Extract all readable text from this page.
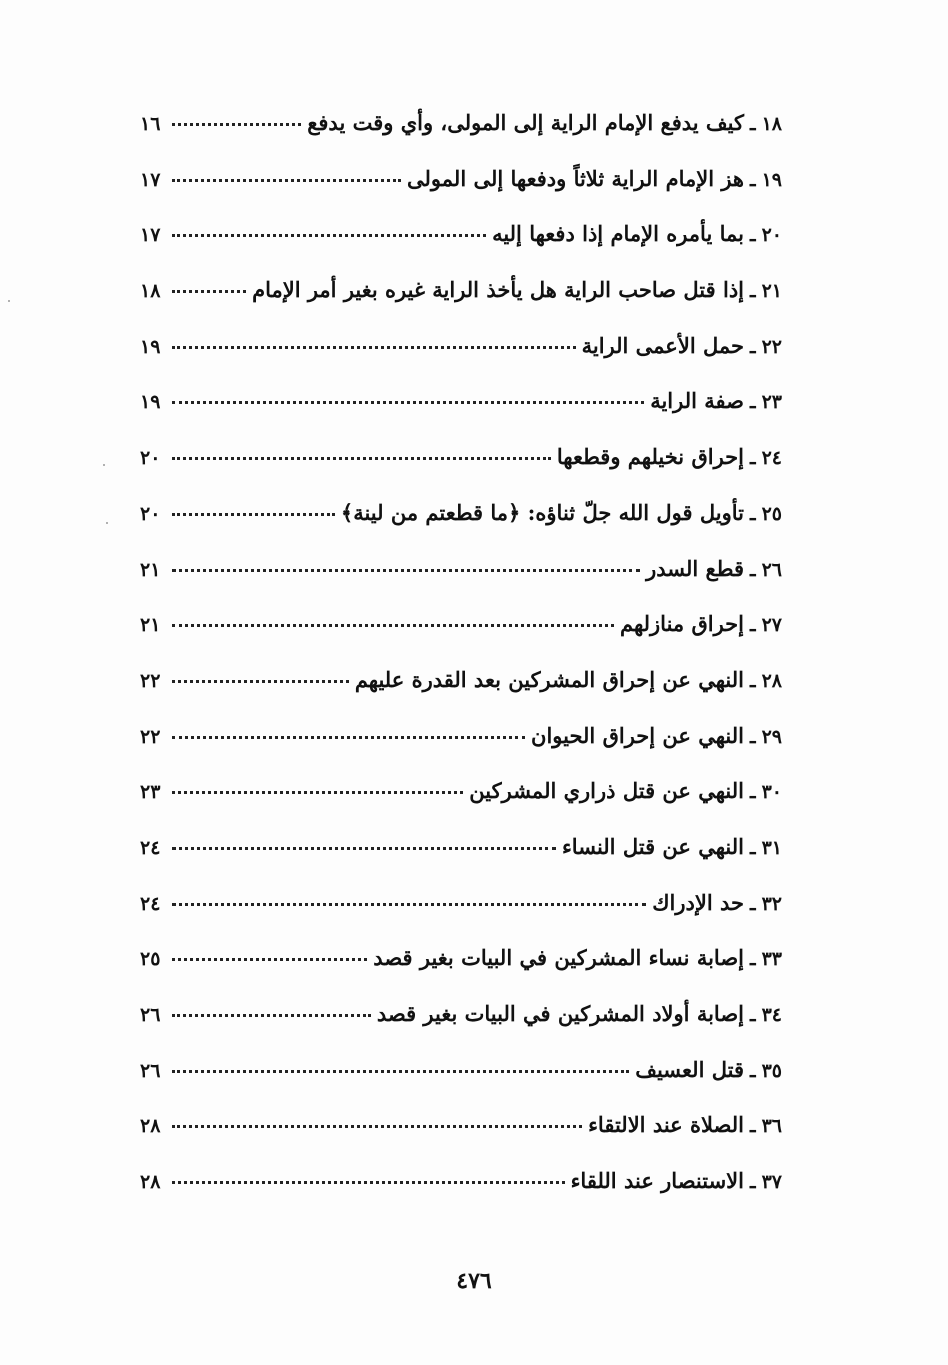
١٨
ـ
كيف يدفع الإمام الراية إلى المولى، وأي وقت يدفع
١٦
١٩
ـ
هز الإمام الراية ثلاثاً ودفعها إلى المولى
١٧
٢٠
ـ
بما يأمره الإمام إذا دفعها إليه
١٧
٢١
ـ
إذا قتل صاحب الراية هل يأخذ الراية غيره بغير أمر الإمام
١٨
٢٢
ـ
حمل الأعمى الراية
١٩
٢٣
ـ
صفة الراية
١٩
٢٤
ـ
إحراق نخيلهم وقطعها
٢٠
٢٥
ـ
تأويل قول الله جلّ ثناؤه: ﴿ما قطعتم من لينة﴾
٢٠
٢٦
ـ
قطع السدر
٢١
٢٧
ـ
إحراق منازلهم
٢١
٢٨
ـ
النهي عن إحراق المشركين بعد القدرة عليهم
٢٢
٢٩
ـ
النهي عن إحراق الحيوان
٢٢
٣٠
ـ
النهي عن قتل ذراري المشركين
٢٣
٣١
ـ
النهي عن قتل النساء
٢٤
٣٢
ـ
حد الإدراك
٢٤
٣٣
ـ
إصابة نساء المشركين في البيات بغير قصد
٢٥
٣٤
ـ
إصابة أولاد المشركين في البيات بغير قصد
٢٦
٣٥
ـ
قتل العسيف
٢٦
٣٦
ـ
الصلاة عند الالتقاء
٢٨
٣٧
ـ
الاستنصار عند اللقاء
٢٨
٤٧٦
